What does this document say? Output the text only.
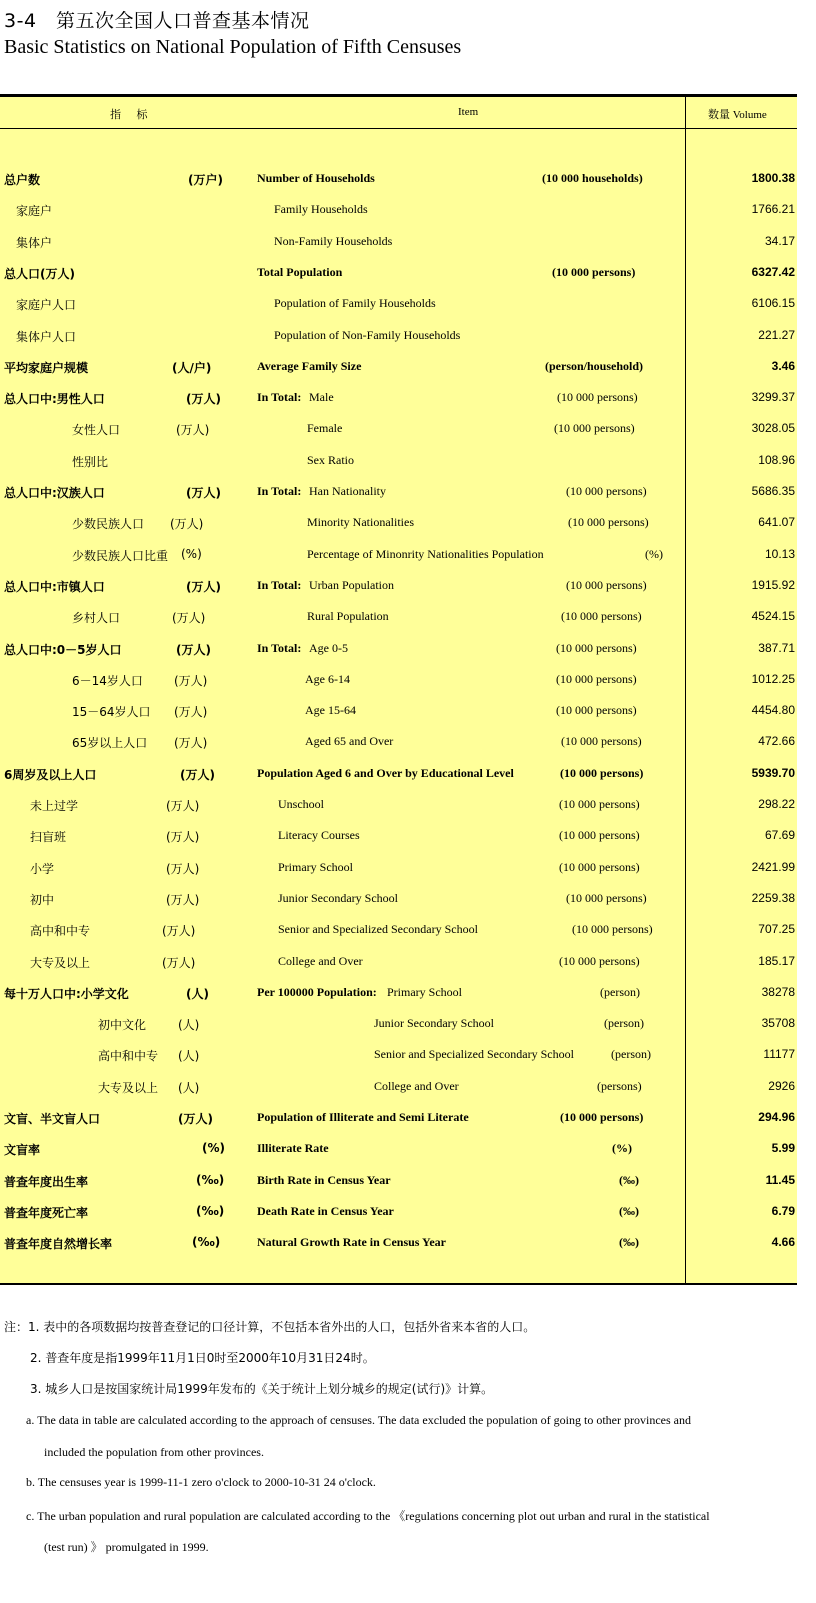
3-4　第五次全国人口普查基本情况
Basic Statistics on National Population of Fifth Censuses
指 标	Item	数量 Volume
总户数	(万户)	Number of Households	(10 000 households)	1800.38
家庭户	Family Households	1766.21
集体户	Non-Family Households	34.17
总人口(万人)	Total Population	(10 000 persons)	6327.42
家庭户人口	Population of Family Households	6106.15
集体户人口	Population of Non-Family Households	221.27
平均家庭户规模	(人/户)	Average Family Size	(person/household)	3.46
总人口中:男性人口	(万人)	In Total: Male	(10 000 persons)	3299.37
女性人口	(万人)	Female	(10 000 persons)	3028.05
性别比	Sex Ratio	108.96
总人口中:汉族人口	(万人)	In Total: Han Nationality	(10 000 persons)	5686.35
少数民族人口 (万人)	Minority Nationalities	(10 000 persons)	641.07
少数民族人口比重 (%)	Percentage of Minonrity Nationalities Population	(%)	10.13
总人口中:市镇人口	(万人)	In Total: Urban Population	(10 000 persons)	1915.92
乡村人口	(万人)	Rural Population	(10 000 persons)	4524.15
总人口中:0－5岁人口	(万人)	In Total: Age 0-5	(10 000 persons)	387.71
6－14岁人口	(万人)	Age 6-14	(10 000 persons)	1012.25
15－64岁人口 (万人)	Age 15-64	(10 000 persons)	4454.80
65岁以上人口 (万人)	Aged 65 and Over	(10 000 persons)	472.66
6周岁及以上人口	(万人)	Population Aged 6 and Over by Educational Level	(10 000 persons)	5939.70
未上过学	(万人)	Unschool	(10 000 persons)	298.22
扫盲班	(万人)	Literacy Courses	(10 000 persons)	67.69
小学	(万人)	Primary School	(10 000 persons)	2421.99
初中	(万人)	Junior Secondary School	(10 000 persons)	2259.38
高中和中专	(万人)	Senior and Specialized Secondary School	(10 000 persons)	707.25
大专及以上	(万人)	College and Over	(10 000 persons)	185.17
每十万人口中:小学文化	(人)	Per 100000 Population: Primary School	(person)	38278
初中文化	(人)	Junior Secondary School	(person)	35708
高中和中专 (人)	Senior and Specialized Secondary School	(person)	11177
大专及以上 (人)	College and Over	(persons)	2926
文盲、半文盲人口	(万人)	Population of Illiterate and Semi Literate	(10 000 persons)	294.96
文盲率	(%)	Illiterate Rate	(%)	5.99
普查年度出生率	(‰)	Birth Rate in Census Year	(‰)	11.45
普查年度死亡率	(‰)	Death Rate in Census Year	(‰)	6.79
普查年度自然增长率	(‰)	Natural Growth Rate in Census Year	(‰)	4.66
注：1. 表中的各项数据均按普查登记的口径计算，不包括本省外出的人口，包括外省来本省的人口。
2. 普查年度是指1999年11月1日0时至2000年10月31日24时。
3. 城乡人口是按国家统计局1999年发布的《关于统计上划分城乡的规定(试行)》计算。
a. The data in table are calculated according to the approach of censuses. The data excluded the population of going to other provinces and
included the population from other provinces.
b. The censuses year is 1999-11-1 zero o'clock to 2000-10-31 24 o'clock.
c. The urban population and rural population are calculated according to the 《regulations concerning plot out urban and rural in the statistical
(test run) 》 promulgated in 1999.
